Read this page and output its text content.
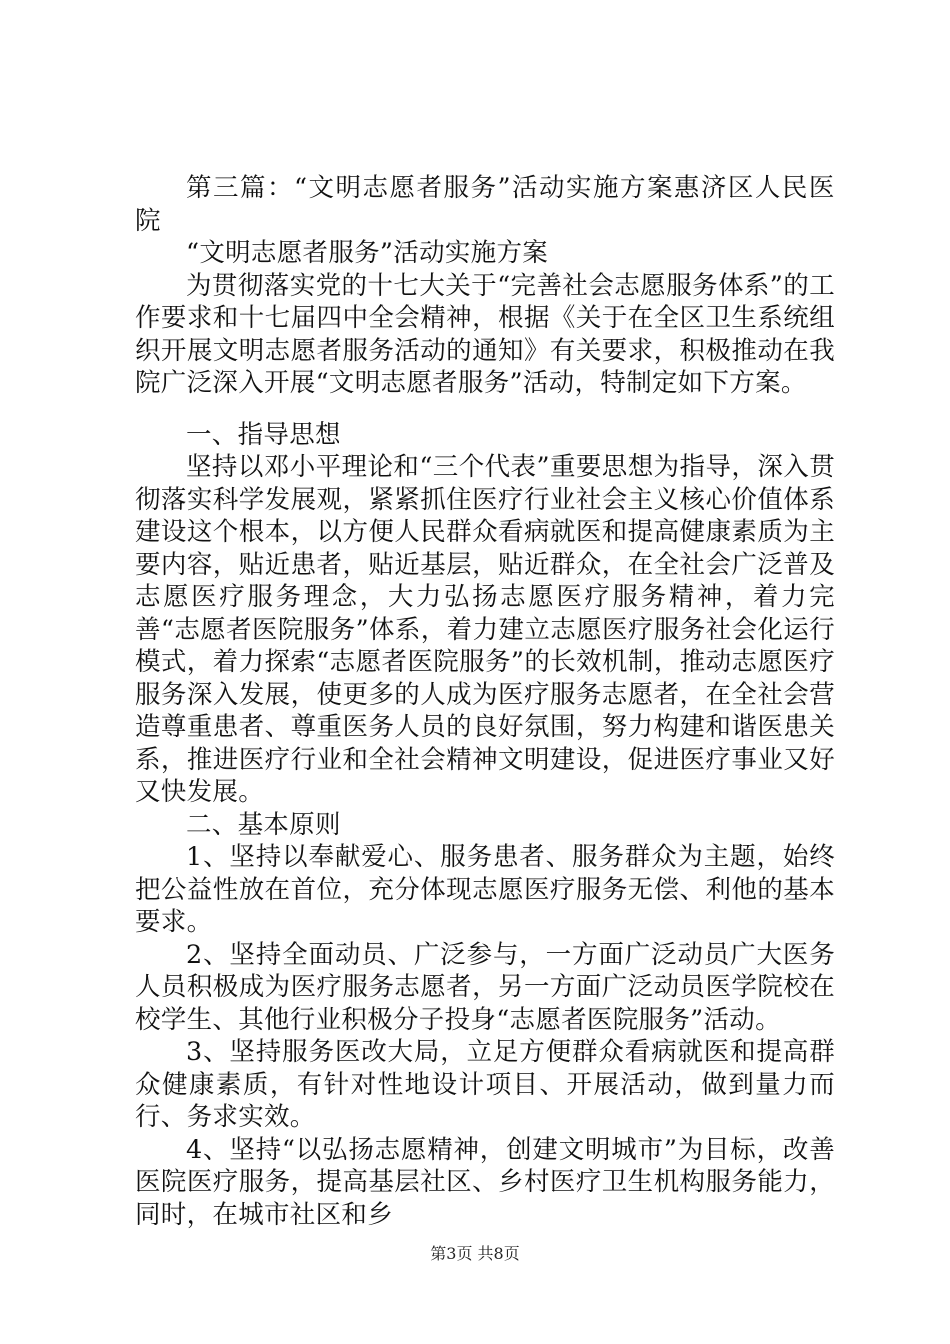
第三篇：“文明志愿者服务”活动实施方案惠济区人民医院

“文明志愿者服务”活动实施方案

为贯彻落实党的十七大关于“完善社会志愿服务体系”的工作要求和十七届四中全会精神，根据《关于在全区卫生系统组织开展文明志愿者服务活动的通知》有关要求，积极推动在我院广泛深入开展“文明志愿者服务”活动，特制定如下方案。

一、指导思想

坚持以邓小平理论和“三个代表”重要思想为指导，深入贯彻落实科学发展观，紧紧抓住医疗行业社会主义核心价值体系建设这个根本，以方便人民群众看病就医和提高健康素质为主要内容，贴近患者，贴近基层，贴近群众，在全社会广泛普及志愿医疗服务理念，大力弘扬志愿医疗服务精神，着力完善“志愿者医院服务”体系，着力建立志愿医疗服务社会化运行模式，着力探索“志愿者医院服务”的长效机制，推动志愿医疗服务深入发展，使更多的人成为医疗服务志愿者，在全社会营造尊重患者、尊重医务人员的良好氛围，努力构建和谐医患关系，推进医疗行业和全社会精神文明建设，促进医疗事业又好又快发展。

二、基本原则

1、坚持以奉献爱心、服务患者、服务群众为主题，始终把公益性放在首位，充分体现志愿医疗服务无偿、利他的基本要求。

2、坚持全面动员、广泛参与，一方面广泛动员广大医务人员积极成为医疗服务志愿者，另一方面广泛动员医学院校在校学生、其他行业积极分子投身“志愿者医院服务”活动。

3、坚持服务医改大局，立足方便群众看病就医和提高群众健康素质，有针对性地设计项目、开展活动，做到量力而行、务求实效。

4、坚持“以弘扬志愿精神，创建文明城市”为目标，改善医院医疗服务，提高基层社区、乡村医疗卫生机构服务能力，同时，在城市社区和乡

第3页 共8页
